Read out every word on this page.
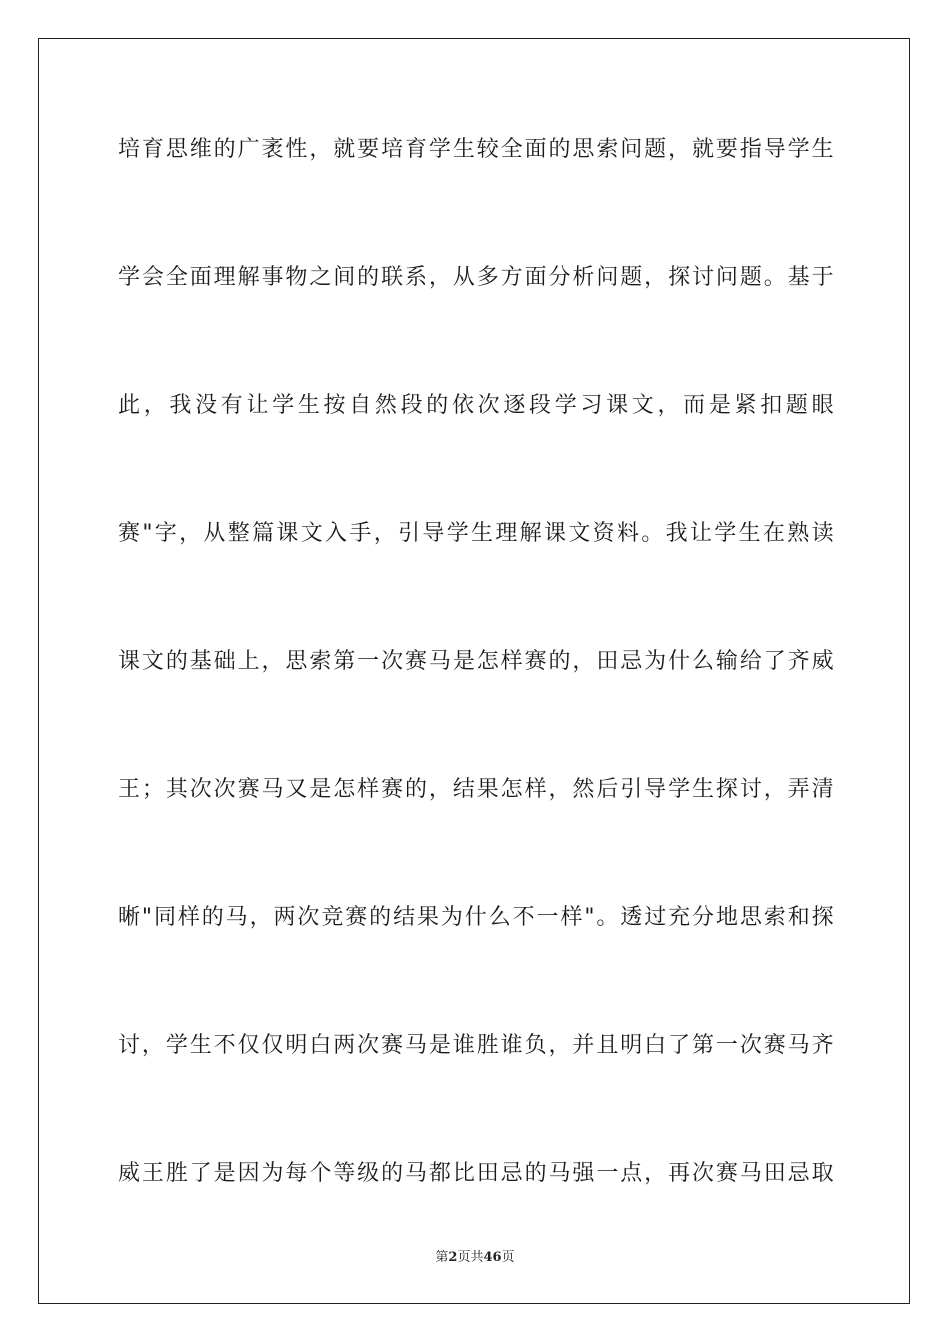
培育思维的广袤性，就要培育学生较全面的思索问题，就要指导学生
学会全面理解事物之间的联系，从多方面分析问题，探讨问题。基于
此，我没有让学生按自然段的依次逐段学习课文，而是紧扣题眼
赛"字，从整篇课文入手，引导学生理解课文资料。我让学生在熟读
课文的基础上，思索第一次赛马是怎样赛的，田忌为什么输给了齐威
王；其次次赛马又是怎样赛的，结果怎样，然后引导学生探讨，弄清
晰"同样的马，两次竞赛的结果为什么不一样"。透过充分地思索和探
讨，学生不仅仅明白两次赛马是谁胜谁负，并且明白了第一次赛马齐
威王胜了是因为每个等级的马都比田忌的马强一点，再次赛马田忌取
第2页共46页
